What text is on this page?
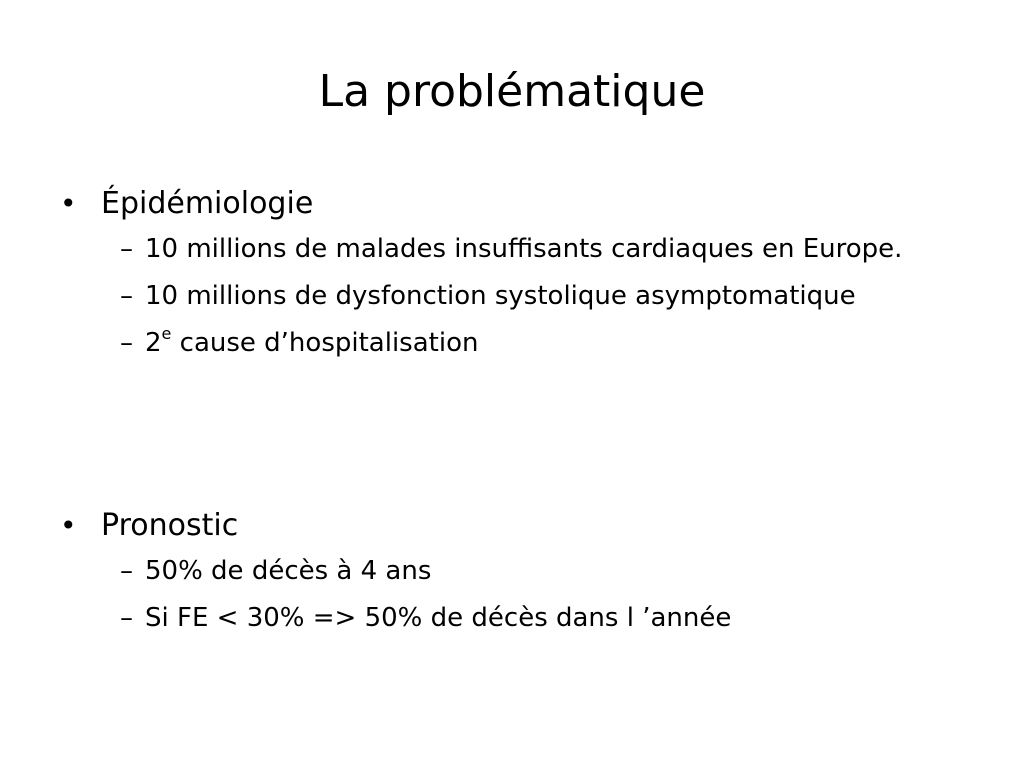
La problématique
• Épidémiologie
– 10 millions de malades insuffisants cardiaques en Europe.
– 10 millions de dysfonction systolique asymptomatique
– 2e cause d’hospitalisation
• Pronostic
– 50% de décès à 4 ans
– Si FE < 30% => 50% de décès dans l ’année
